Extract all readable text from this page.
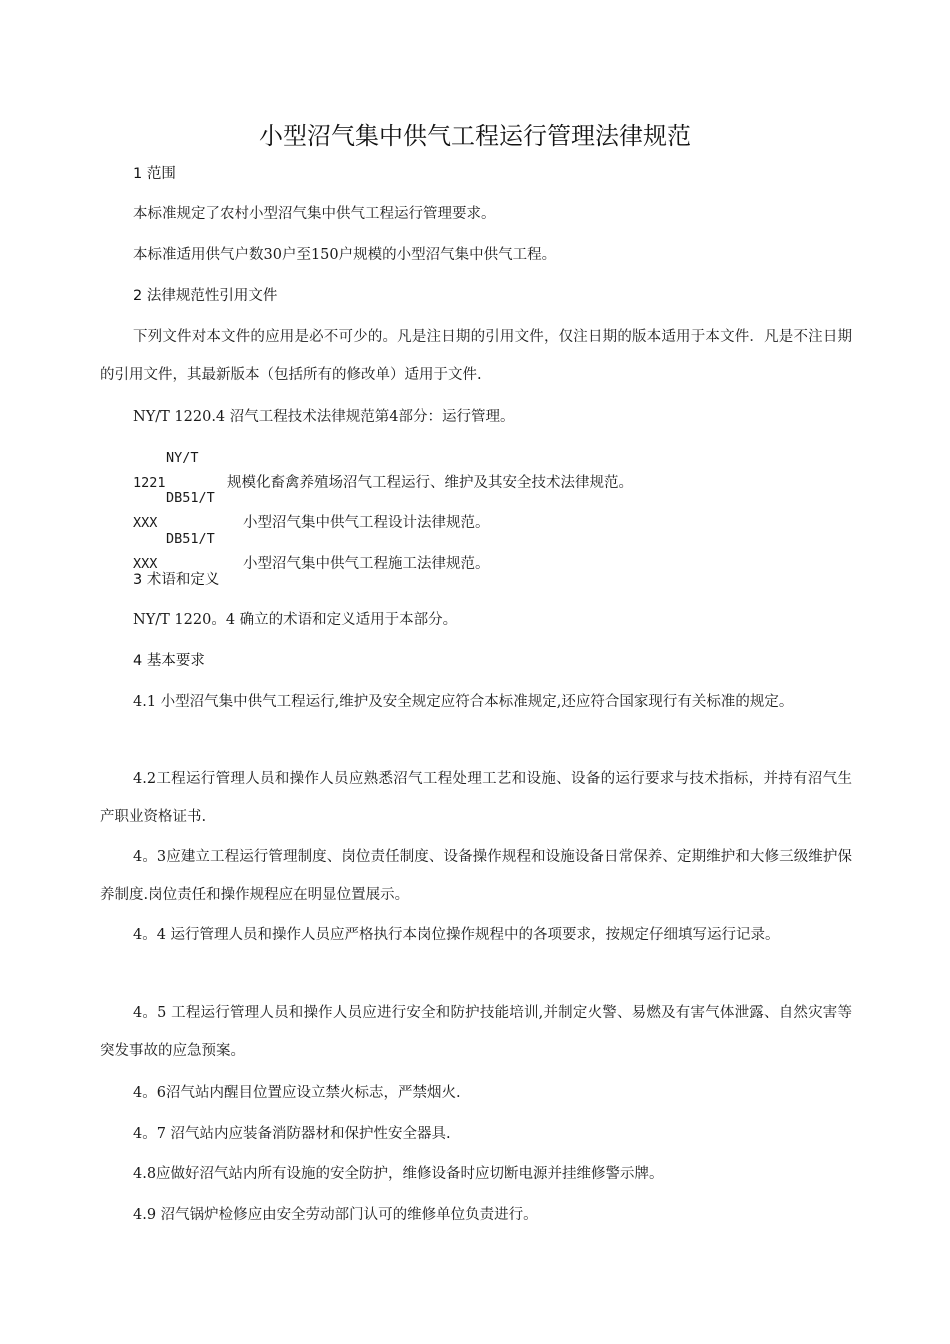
小型沼气集中供气工程运行管理法律规范

1 范围

本标准规定了农村小型沼气集中供气工程运行管理要求。

本标准适用供气户数30户至150户规模的小型沼气集中供气工程。

2 法律规范性引用文件

下列文件对本文件的应用是必不可少的。凡是注日期的引用文件，仅注日期的版本适用于本文件．凡是不注日期的引用文件，其最新版本（包括所有的修改单）适用于文件.

NY/T 1220.4 沼气工程技术法律规范第4部分：运行管理。

NY/T 1221	规模化畜禽养殖场沼气工程运行、维护及其安全技术法律规范。

DB51/T XXX	小型沼气集中供气工程设计法律规范。

DB51/T XXX	小型沼气集中供气工程施工法律规范。

3 术语和定义

NY/T 1220。4 确立的术语和定义适用于本部分。

4 基本要求

4.1 小型沼气集中供气工程运行,维护及安全规定应符合本标准规定,还应符合国家现行有关标准的规定。

4.2工程运行管理人员和操作人员应熟悉沼气工程处理工艺和设施、设备的运行要求与技术指标，并持有沼气生产职业资格证书.

4。3应建立工程运行管理制度、岗位责任制度、设备操作规程和设施设备日常保养、定期维护和大修三级维护保养制度.岗位责任和操作规程应在明显位置展示。

4。4 运行管理人员和操作人员应严格执行本岗位操作规程中的各项要求，按规定仔细填写运行记录。

4。5 工程运行管理人员和操作人员应进行安全和防护技能培训,并制定火警、易燃及有害气体泄露、自然灾害等突发事故的应急预案。

4。6沼气站内醒目位置应设立禁火标志，严禁烟火.

4。7 沼气站内应装备消防器材和保护性安全器具.

4.8应做好沼气站内所有设施的安全防护，维修设备时应切断电源并挂维修警示牌。

4.9 沼气锅炉检修应由安全劳动部门认可的维修单位负责进行。
